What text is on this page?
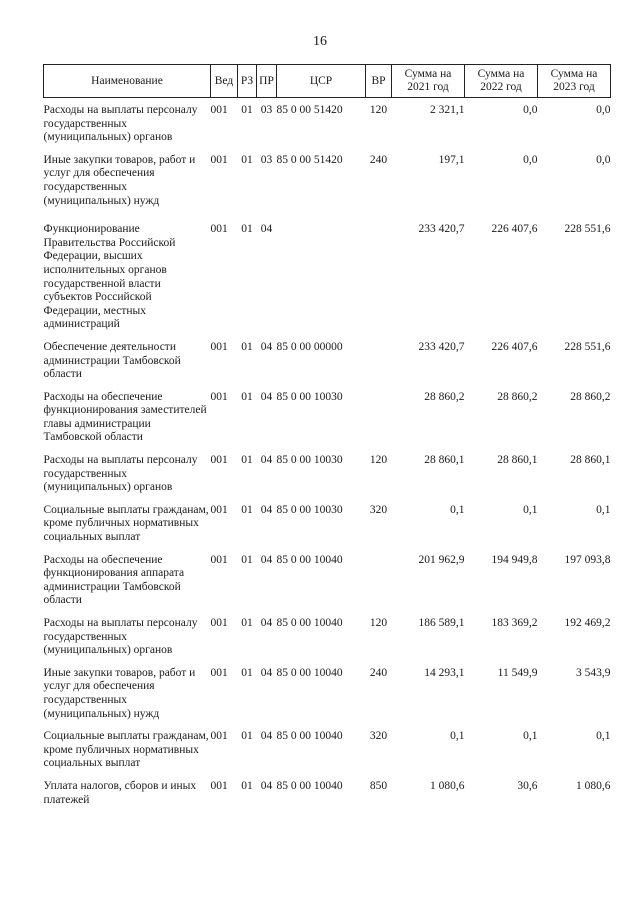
16
Наименование	Вед	РЗ	ПР	ЦСР	ВР	Сумма на 2021 год	Сумма на 2022 год	Сумма на 2023 год
Расходы на выплаты персоналу государственных (муниципальных) органов	001	01	03	85 0 00 51420	120	2 321,1	0,0	0,0
Иные закупки товаров, работ и услуг для обеспечения государственных (муниципальных) нужд	001	01	03	85 0 00 51420	240	197,1	0,0	0,0
Функционирование Правительства Российской Федерации, высших исполнительных органов государственной власти субъектов Российской Федерации, местных администраций	001	01	04			233 420,7	226 407,6	228 551,6
Обеспечение деятельности администрации Тамбовской области	001	01	04	85 0 00 00000		233 420,7	226 407,6	228 551,6
Расходы на обеспечение функционирования заместителей главы администрации Тамбовской области	001	01	04	85 0 00 10030		28 860,2	28 860,2	28 860,2
Расходы на выплаты персоналу государственных (муниципальных) органов	001	01	04	85 0 00 10030	120	28 860,1	28 860,1	28 860,1
Социальные выплаты гражданам, кроме публичных нормативных социальных выплат	001	01	04	85 0 00 10030	320	0,1	0,1	0,1
Расходы на обеспечение функционирования аппарата администрации Тамбовской области	001	01	04	85 0 00 10040		201 962,9	194 949,8	197 093,8
Расходы на выплаты персоналу государственных (муниципальных) органов	001	01	04	85 0 00 10040	120	186 589,1	183 369,2	192 469,2
Иные закупки товаров, работ и услуг для обеспечения государственных (муниципальных) нужд	001	01	04	85 0 00 10040	240	14 293,1	11 549,9	3 543,9
Социальные выплаты гражданам, кроме публичных нормативных социальных выплат	001	01	04	85 0 00 10040	320	0,1	0,1	0,1
Уплата налогов, сборов и иных платежей	001	01	04	85 0 00 10040	850	1 080,6	30,6	1 080,6
